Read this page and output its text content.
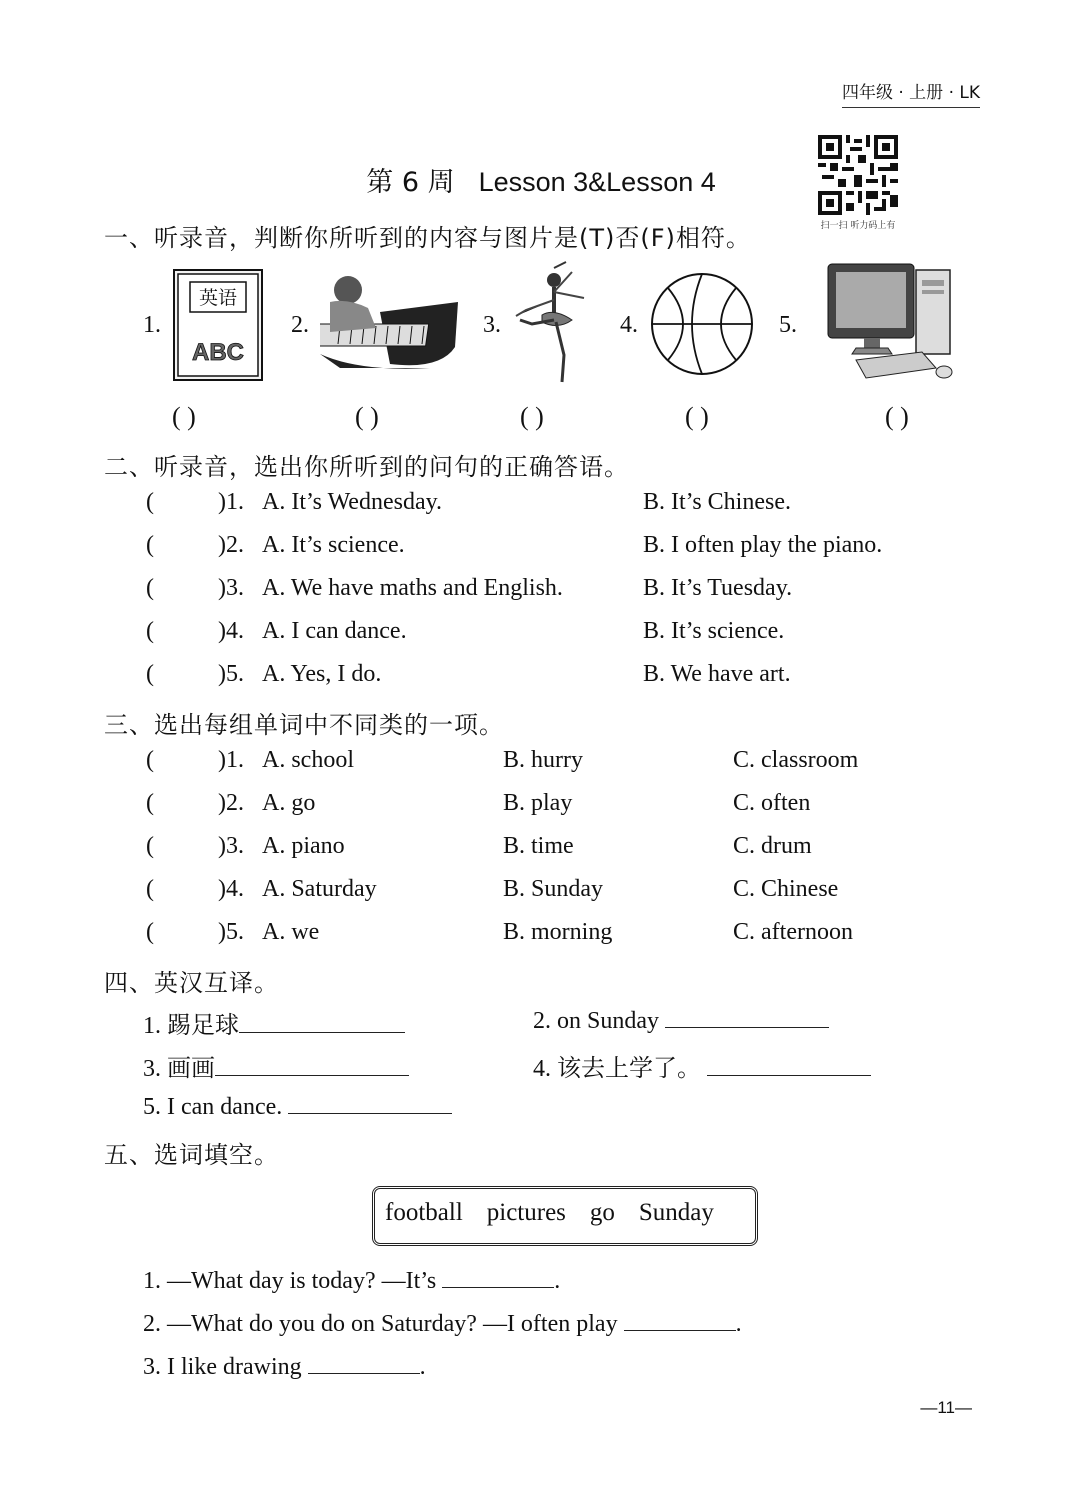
四年级 · 上册 · LK
第 6 周 Lesson 3&Lesson 4
扫一扫 听力码上有
一、听录音，判断你所听到的内容与图片是(T)否(F)相符。
1.
英语
ABC
2.	3.	4.	5.
( )	( )	( )	( )	( )
二、听录音，选出你所听到的问句的正确答语。
(	)1. A. It’s Wednesday.	B. It’s Chinese.
(	)2. A. It’s science.	B. I often play the piano.
(	)3. A. We have maths and English.	B. It’s Tuesday.
(	)4. A. I can dance.	B. It’s science.
(	)5. A. Yes, I do.	B. We have art.
三、选出每组单词中不同类的一项。
(	)1. A. school	B. hurry	C. classroom
(	)2. A. go	B. play	C. often
(	)3. A. piano	B. time	C. drum
(	)4. A. Saturday	B. Sunday	C. Chinese
(	)5. A. we	B. morning	C. afternoon
四、英汉互译。
1. 踢足球	2. on Sunday
3. 画画	4. 该去上学了。
5. I can dance.
五、选词填空。
football pictures go Sunday
1. —What day is today? —It’s	.
2. —What do you do on Saturday? —I often play	.
3. I like drawing	.
—11—
